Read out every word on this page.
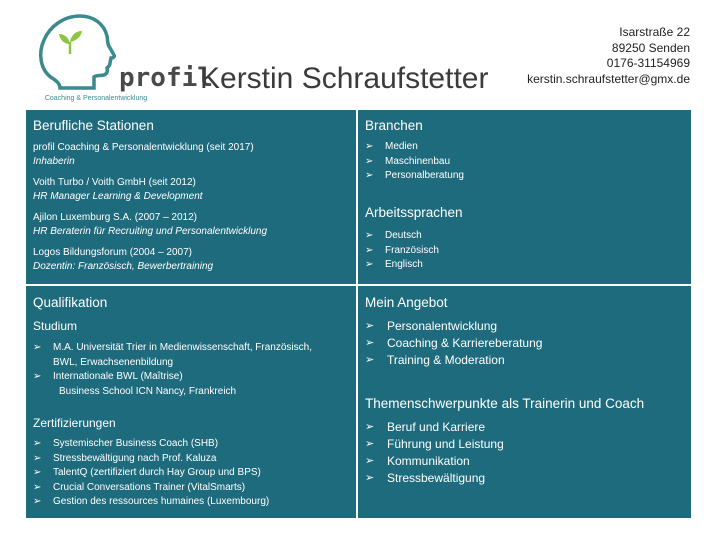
profil
Coaching & Personalentwicklung
Kerstin Schraufstetter
Isarstraße 22
89250 Senden
0176-31154969
kerstin.schraufstetter@gmx.de
Berufliche Stationen
profil Coaching & Personalentwicklung (seit 2017)
Inhaberin
Voith Turbo / Voith GmbH (seit 2012)
HR Manager Learning & Development
Ajilon Luxemburg S.A. (2007 – 2012)
HR Beraterin für Recruiting und Personalentwicklung
Logos Bildungsforum (2004 – 2007)
Dozentin: Französisch, Bewerbertraining
Qualifikation
Studium
➢ M.A. Universität Trier in Medienwissenschaft, Französisch,
BWL, Erwachsenenbildung
➢ Internationale BWL (Maîtrise)
Business School ICN Nancy, Frankreich
Zertifizierungen
➢ Systemischer Business Coach (SHB)
➢ Stressbewältigung nach Prof. Kaluza
➢ TalentQ (zertifiziert durch Hay Group und BPS)
➢ Crucial Conversations Trainer (VitalSmarts)
➢ Gestion des ressources humaines (Luxembourg)
Branchen
➢ Medien
➢ Maschinenbau
➢ Personalberatung
Arbeitssprachen
➢ Deutsch
➢ Französisch
➢ Englisch
Mein Angebot
➢ Personalentwicklung
➢ Coaching & Karriereberatung
➢ Training & Moderation
Themenschwerpunkte als Trainerin und Coach
➢ Beruf und Karriere
➢ Führung und Leistung
➢ Kommunikation
➢ Stressbewältigung
